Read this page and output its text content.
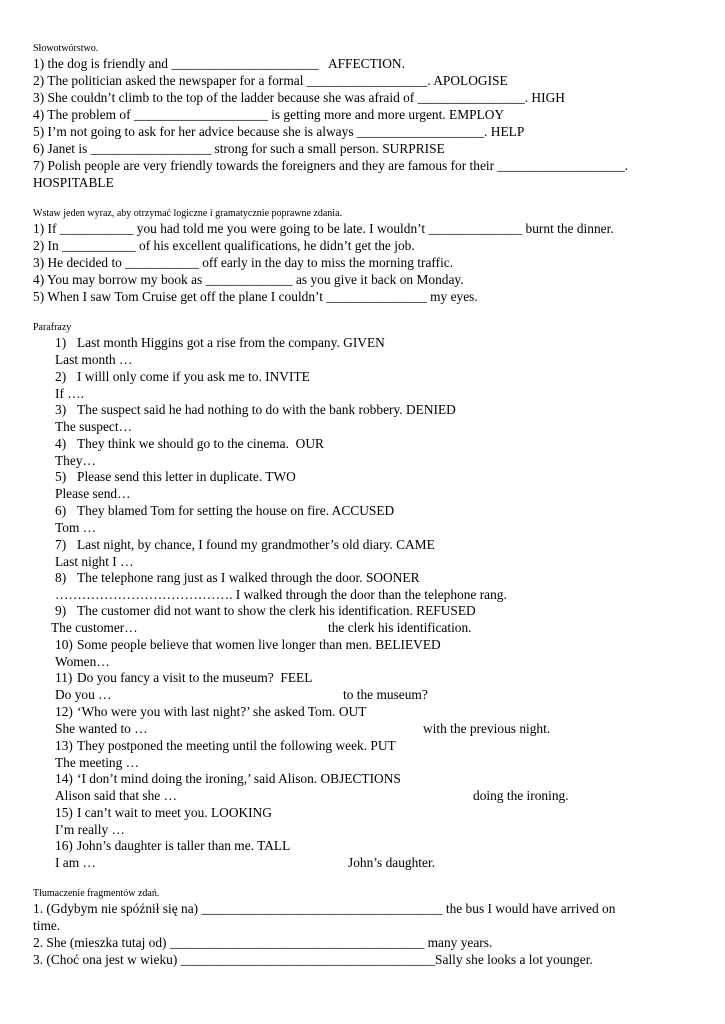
Słowotwórstwo.
1) the dog is friendly and ______________________   AFFECTION.
2) The politician asked the newspaper for a formal __________________. APOLOGISE
3) She couldn’t climb to the top of the ladder because she was afraid of ________________. HIGH
4) The problem of ____________________ is getting more and more urgent. EMPLOY
5) I’m not going to ask for her advice because she is always ___________________. HELP
6) Janet is __________________ strong for such a small person. SURPRISE
7) Polish people are very friendly towards the foreigners and they are famous for their ___________________.
HOSPITABLE
Wstaw jeden wyraz, aby otrzymać logiczne i gramatycznie poprawne zdania.
1) If ___________ you had told me you were going to be late. I wouldn’t ______________ burnt the dinner.
2) In ___________ of his excellent qualifications, he didn’t get the job.
3) He decided to ___________ off early in the day to miss the morning traffic.
4) You may borrow my book as _____________ as you give it back on Monday.
5) When I saw Tom Cruise get off the plane I couldn’t _______________ my eyes.
Parafrazy
1) Last month Higgins got a rise from the company. GIVEN
Last month …
2) I willl only come if you ask me to. INVITE
If ….
3) The suspect said he had nothing to do with the bank robbery. DENIED
The suspect…
4) They think we should go to the cinema.  OUR
They…
5) Please send this letter in duplicate. TWO
Please send…
6) They blamed Tom for setting the house on fire. ACCUSED
Tom …
7) Last night, by chance, I found my grandmother’s old diary. CAME
Last night I …
8) The telephone rang just as I walked through the door. SOONER
…………………………………. I walked through the door than the telephone rang.
9) The customer did not want to show the clerk his identification. REFUSED
The customer…	the clerk his identification.
10) Some people believe that women live longer than men. BELIEVED
Women…
11) Do you fancy a visit to the museum?  FEEL
Do you …	to the museum?
12) ‘Who were you with last night?’ she asked Tom. OUT
She wanted to …	with the previous night.
13) They postponed the meeting until the following week. PUT
The meeting …
14) ‘I don’t mind doing the ironing,’ said Alison. OBJECTIONS
Alison said that she …	doing the ironing.
15) I can’t wait to meet you. LOOKING
I’m really …
16) John’s daughter is taller than me. TALL
I am …	John’s daughter.
Tłumaczenie fragmentów zdań.
1. (Gdybym nie spóźnił się na) ____________________________________ the bus I would have arrived on
time.
2. She (mieszka tutaj od) ______________________________________ many years.
3. (Choć ona jest w wieku) ______________________________________Sally she looks a lot younger.
